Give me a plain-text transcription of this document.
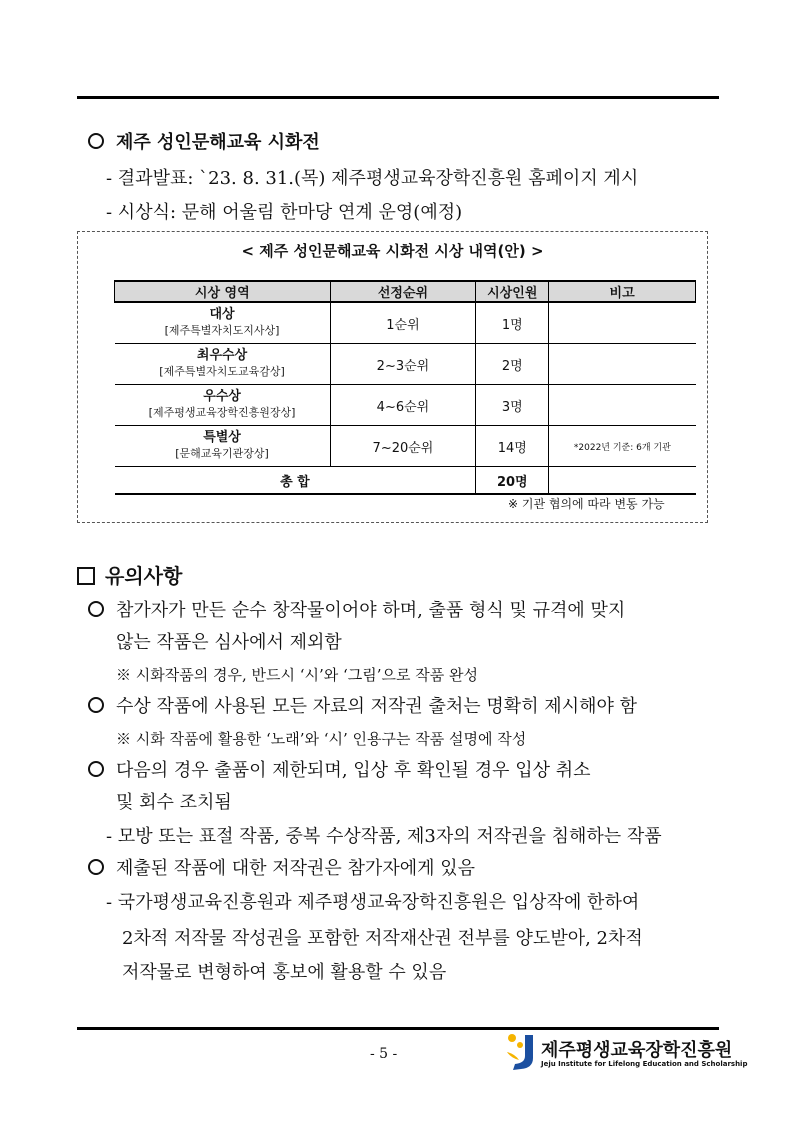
제주 성인문해교육 시화전
- 결과발표: `23. 8. 31.(목) 제주평생교육장학진흥원 홈페이지 게시
- 시상식: 문해 어울림 한마당 연계 운영(예정)
< 제주 성인문해교육 시화전 시상 내역(안) >
시상 영역	선정순위	시상인원	비고

대상
[제주특별자치도지사상]	1순위	1명	

최우수상
[제주특별자치도교육감상]	2~3순위	2명	

우수상
[제주평생교육장학진흥원장상]	4~6순위	3명	

특별상
[문해교육기관장상]	7~20순위	14명	*2022년 기준: 6개 기관
총 합		20명	
※ 기관 협의에 따라 변동 가능
유의사항
참가자가 만든 순수 창작물이어야 하며, 출품 형식 및 규격에 맞지
않는 작품은 심사에서 제외함
※ 시화작품의 경우, 반드시 ‘시’와 ‘그림’으로 작품 완성
수상 작품에 사용된 모든 자료의 저작권 출처는 명확히 제시해야 함
※ 시화 작품에 활용한 ‘노래’와 ‘시’ 인용구는 작품 설명에 작성
다음의 경우 출품이 제한되며, 입상 후 확인될 경우 입상 취소
및 회수 조치됨
- 모방 또는 표절 작품, 중복 수상작품, 제3자의 저작권을 침해하는 작품
제출된 작품에 대한 저작권은 참가자에게 있음
- 국가평생교육진흥원과 제주평생교육장학진흥원은 입상작에 한하여
2차적 저작물 작성권을 포함한 저작재산권 전부를 양도받아, 2차적
저작물로 변형하여 홍보에 활용할 수 있음
- 5 -	제주평생교육장학진흥원
Jeju Institute for Lifelong Education and Scholarship
